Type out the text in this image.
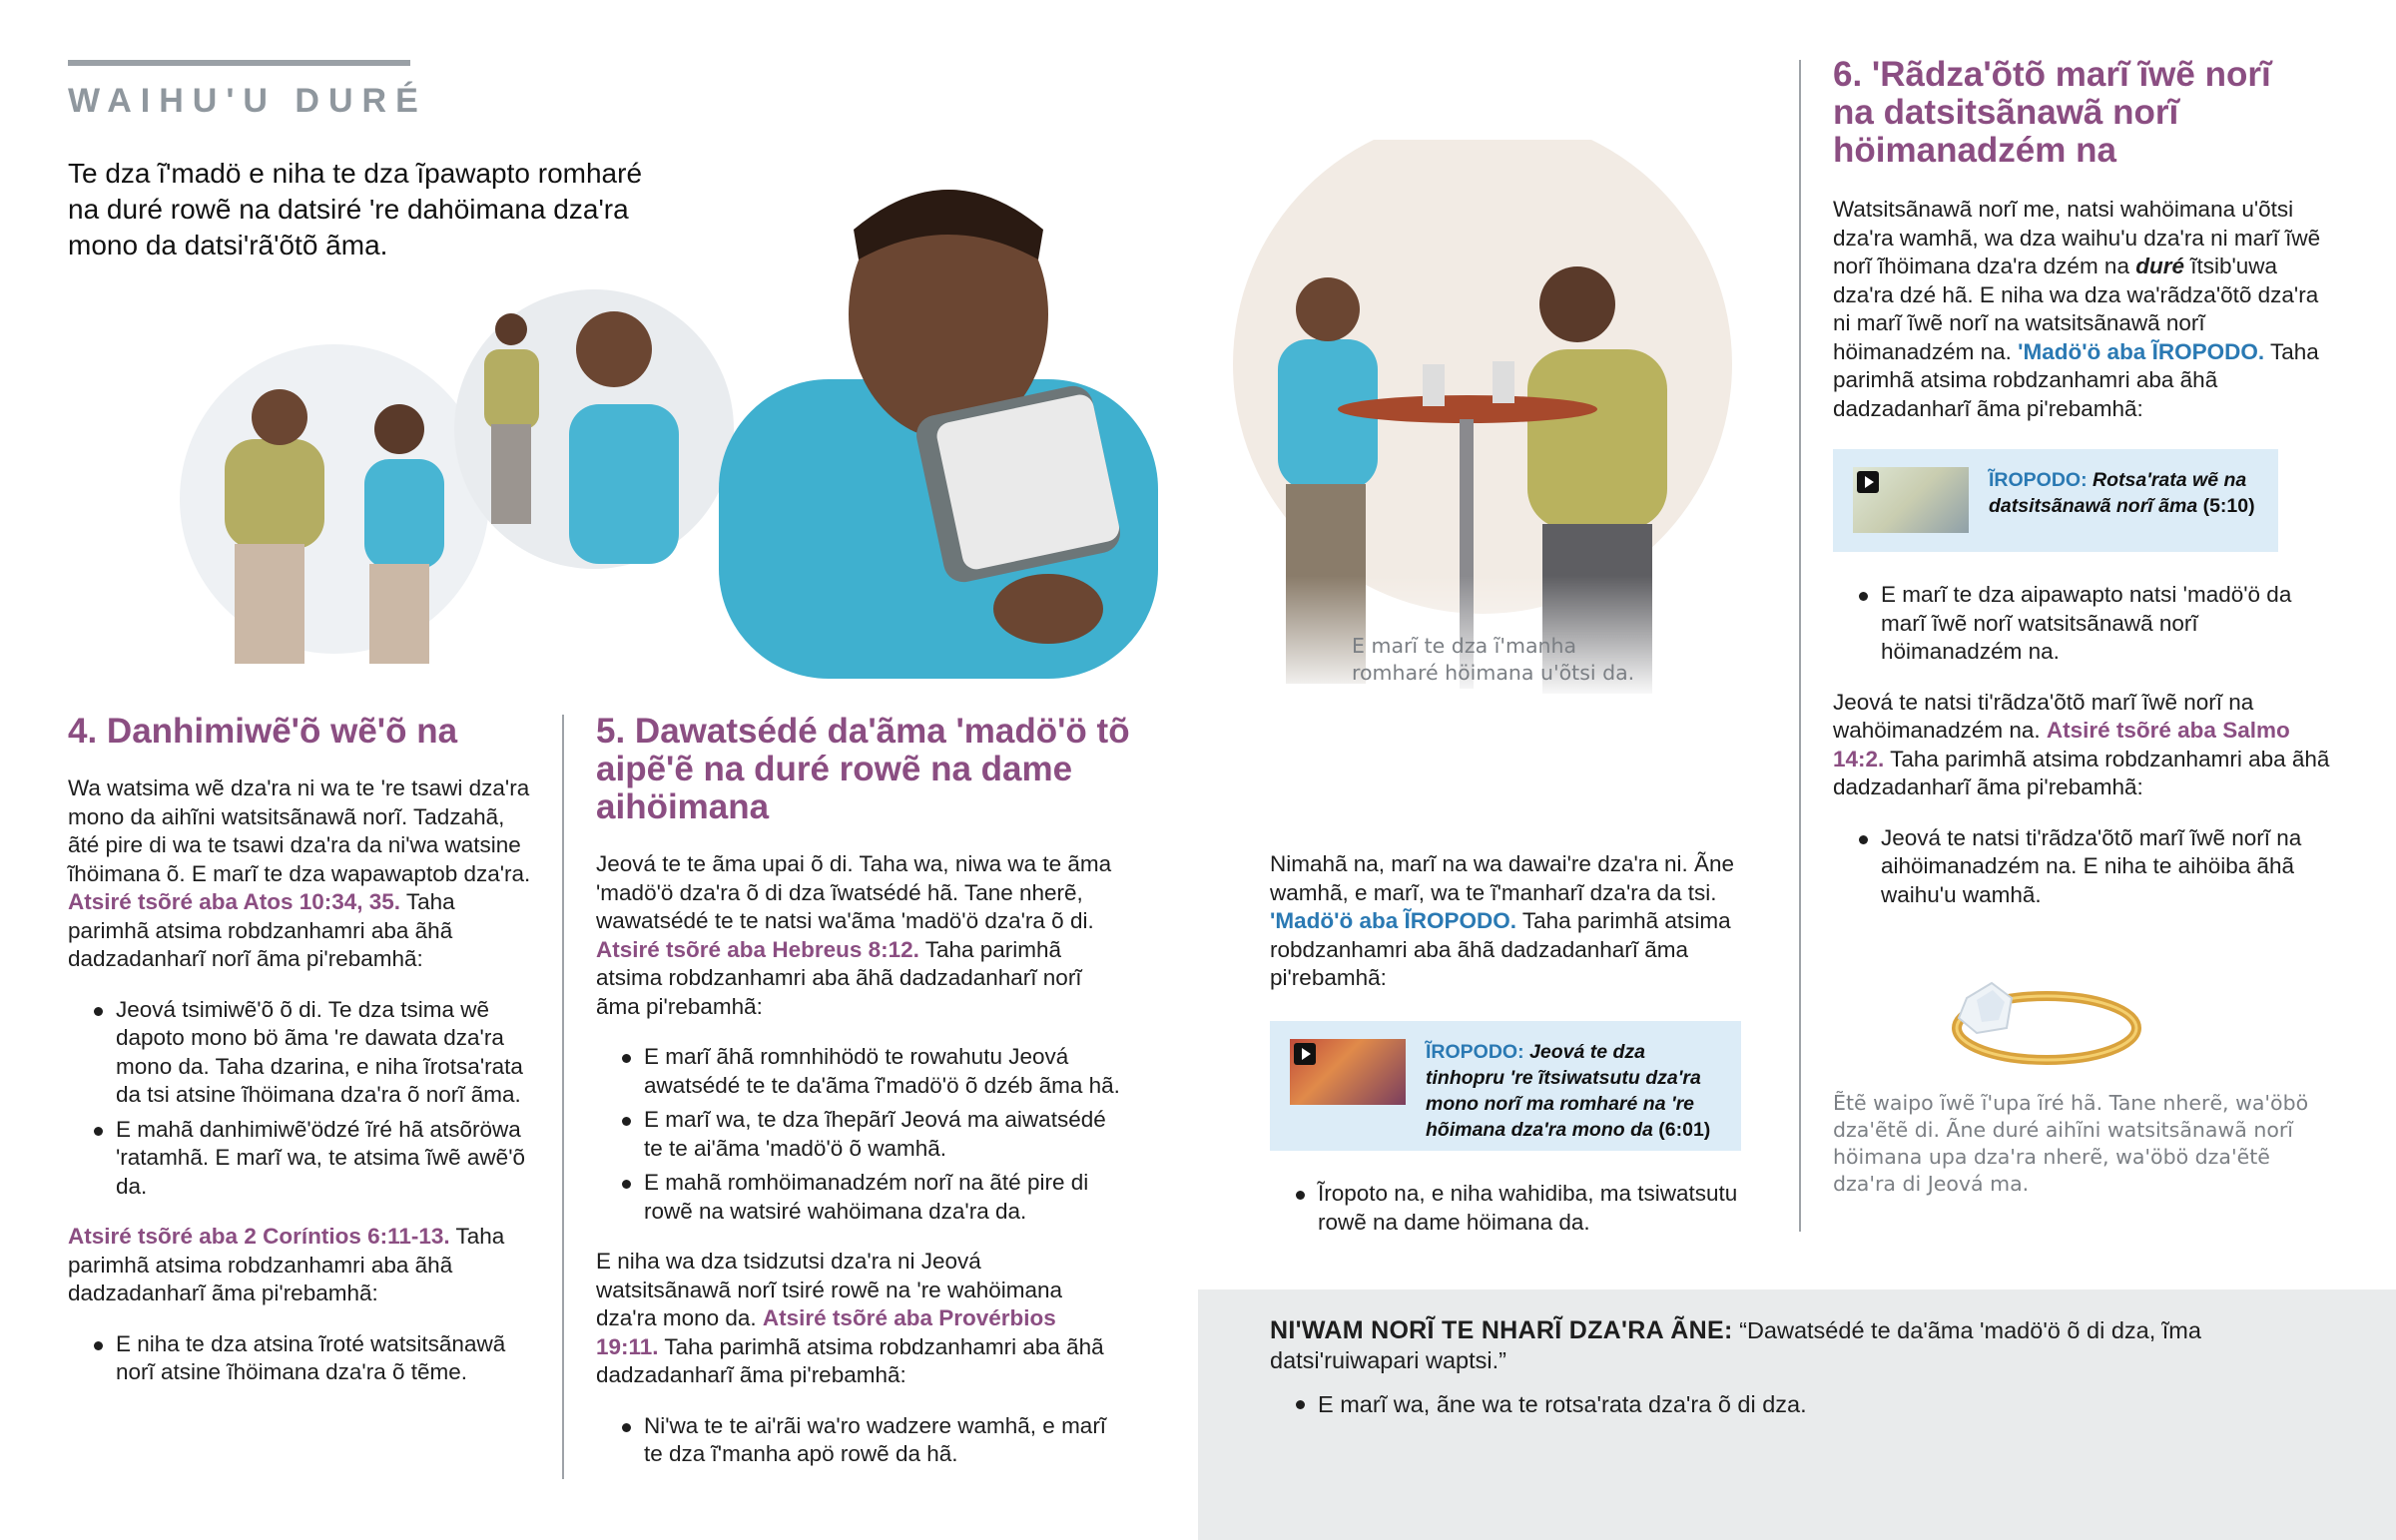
WAIHU'U DURÉ
Te dza ĩ'madö e niha te dza ĩpawapto romharé na duré rowẽ na datsiré 're dahöimana dza'ra mono da datsi'rã'õtõ ãma.
E marĩ te dza ĩ'manha romharé höimana u'õtsi da.
4. Danhimiwẽ'õ wẽ'õ na

Wa watsima wẽ dza'ra ni wa te 're tsawi dza'ra mono da aihĩni watsitsãnawã norĩ. Tadzahã, ãté pire di wa te tsawi dza'ra da ni'wa watsine ĩhöimana õ. E marĩ te dza wapawaptob dza'ra. Atsiré tsõré aba Atos 10:34, 35. Taha parimhã atsima robdzanhamri aba ãhã dadzadanharĩ norĩ ãma pi'rebamhã:

Jeová tsimiwẽ'õ õ di. Te dza tsima wẽ dapoto mono bö ãma 're dawata dza'ra mono da. Taha dzarina, e niha ĩrotsa'rata da tsi atsine ĩhöimana dza'ra õ norĩ ãma.
E mahã danhimiwẽ'ödzé ĩré hã atsõröwa 'ratamhã. E marĩ wa, te atsima ĩwẽ awẽ'õ da.

Atsiré tsõré aba 2 Coríntios 6:11-13. Taha parimhã atsima robdzanhamri aba ãhã dadzadanharĩ ãma pi'rebamhã:

E niha te dza atsina ĩroté watsitsãnawã norĩ atsine ĩhöimana dza'ra õ tẽme.
5. Dawatsédé da'ãma 'madö'ö tõ aipẽ'ẽ na duré rowẽ na dame aihöimana

Jeová te te ãma upai õ di. Taha wa, niwa wa te ãma 'madö'ö dza'ra õ di dza ĩwatsédé hã. Tane nherẽ, wawatsédé te te natsi wa'ãma 'madö'ö dza'ra õ di. Atsiré tsõré aba Hebreus 8:12. Taha parimhã atsima robdzanhamri aba ãhã dadzadanharĩ norĩ ãma pi'rebamhã:

E marĩ ãhã romnhihödö te rowahutu Jeová awatsédé te te da'ãma ĩ'madö'ö õ dzéb ãma hã.
E marĩ wa, te dza ĩhepãrĩ Jeová ma aiwatsédé te te ai'ãma 'madö'ö õ wamhã.
E mahã romhöimanadzém norĩ na ãté pire di rowẽ na watsiré wahöimana dza'ra da.

E niha wa dza tsidzutsi dza'ra ni Jeová watsitsãnawã norĩ tsiré rowẽ na 're wahöimana dza'ra mono da. Atsiré tsõré aba Provérbios 19:11. Taha parimhã atsima robdzanhamri aba ãhã dadzadanharĩ ãma pi'rebamhã:

Ni'wa te te ai'rãi wa'ro wadzere wamhã, e marĩ te dza ĩ'manha apö rowẽ da hã.

Nimahã na, marĩ na wa dawai're dza'ra ni. Ãne wamhã, e marĩ, wa te ĩ'manharĩ dza'ra da tsi. 'Madö'ö aba ĨROPODO. Taha parimhã atsima robdzanhamri aba ãhã dadzadanharĩ ãma pi'rebamhã:

ĨROPODO: Jeová te dza tinhopru 're ĩtsiwatsutu dza'ra mono norĩ ma romharé na 're hõimana dza'ra mono da (6:01)
Ĩropoto na, e niha wahidiba, ma tsiwatsutu rowẽ na dame höimana da.
6. 'Rãdza'õtõ marĩ ĩwẽ norĩ na datsitsãnawã norĩ höimanadzém na

Watsitsãnawã norĩ me, natsi wahöimana u'õtsi dza'ra wamhã, wa dza waihu'u dza'ra ni marĩ ĩwẽ norĩ ĩhöimana dza'ra dzém na duré ĩtsib'uwa dza'ra dzé hã. E niha wa dza wa'rãdza'õtõ dza'ra ni marĩ ĩwẽ norĩ na watsitsãnawã norĩ höimanadzém na. 'Madö'ö aba ĨROPODO. Taha parimhã atsima robdzanhamri aba ãhã dadzadanharĩ ãma pi'rebamhã:

ĨROPODO: Rotsa'rata wẽ na datsitsãnawã norĩ ãma (5:10)
E marĩ te dza aipawapto natsi 'madö'ö da marĩ ĩwẽ norĩ watsitsãnawã norĩ höimanadzém na.

Jeová te natsi ti'rãdza'õtõ marĩ ĩwẽ norĩ na wahöimanadzém na. Atsiré tsõré aba Salmo 14:2. Taha parimhã atsima robdzanhamri aba ãhã dadzadanharĩ ãma pi'rebamhã:

Jeová te natsi ti'rãdza'õtõ marĩ ĩwẽ norĩ na aihöimanadzém na. E niha te aihöiba ãhã waihu'u wamhã.
Ẽtẽ waipo ĩwẽ ĩ'upa ĩré hã. Tane nherẽ, wa'öbö dza'ẽtẽ di. Ãne duré aihĩni watsitsãnawã norĩ höimana upa dza'ra nherẽ, wa'öbö dza'ẽtẽ dza'ra di Jeová ma.
NI'WAM NORĨ TE NHARĨ DZA'RA ÃNE: “Dawatsédé te da'ãma 'madö'ö õ di dza, ĩma datsi'ruiwapari waptsi.”
E marĩ wa, ãne wa te rotsa'rata dza'ra õ di dza.
